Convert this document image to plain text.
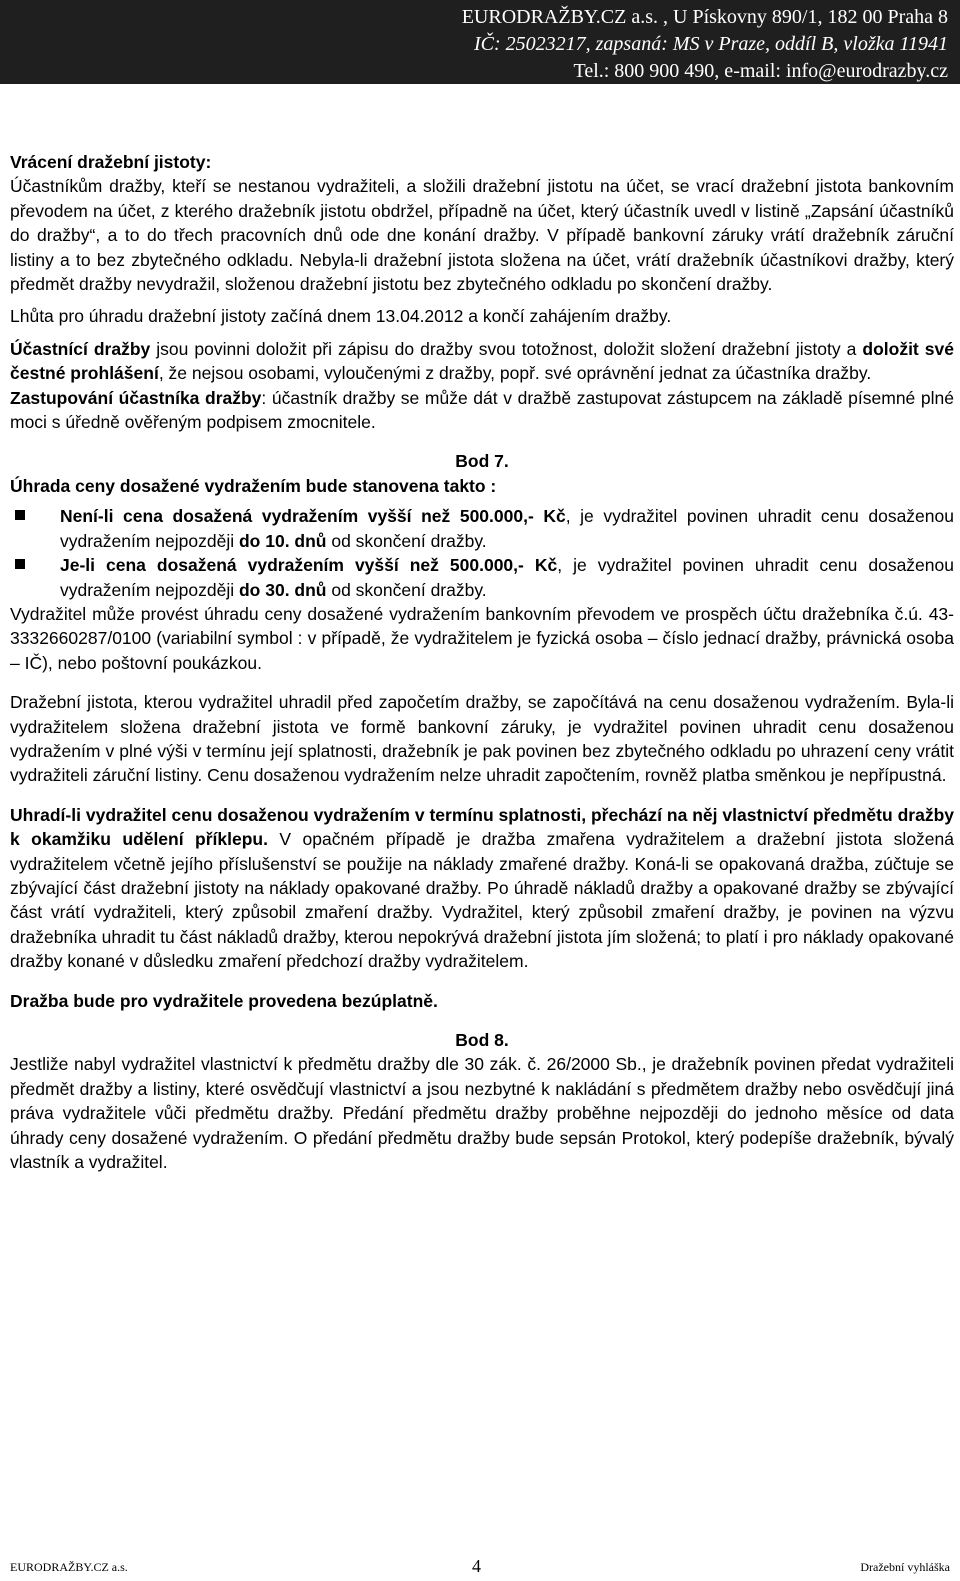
EURODRAŽBY.CZ a.s. , U Pískovny 890/1, 182 00 Praha 8
IČ: 25023217, zapsaná: MS v Praze, oddíl B, vložka 11941
Tel.: 800 900 490, e-mail: info@eurodrazby.cz

Vrácení dražební jistoty:

Účastníkům dražby, kteří se nestanou vydražiteli, a složili dražební jistotu na účet, se vrací dražební jistota bankovním převodem na účet, z kterého dražebník jistotu obdržel, případně na účet, který účastník uvedl v listině „Zapsání účastníků do dražby“, a to do třech pracovních dnů ode dne konání dražby. V případě bankovní záruky vrátí dražebník záruční listiny a to bez zbytečného odkladu. Nebyla-li dražební jistota složena na účet, vrátí dražebník účastníkovi dražby, který předmět dražby nevydražil, složenou dražební jistotu bez zbytečného odkladu po skončení dražby.

Lhůta pro úhradu dražební jistoty začíná dnem 13.04.2012 a končí zahájením dražby.

Účastnící dražby jsou povinni doložit při zápisu do dražby svou totožnost, doložit složení dražební jistoty a doložit své čestné prohlášení, že nejsou osobami, vyloučenými z dražby, popř. své oprávnění jednat za účastníka dražby.

Zastupování účastníka dražby: účastník dražby se může dát v dražbě zastupovat zástupcem na základě písemné plné moci s úředně ověřeným podpisem zmocnitele.

Bod 7.

Úhrada ceny dosažené vydražením bude stanovena takto :

Není-li cena dosažená vydražením vyšší než 500.000,- Kč, je vydražitel povinen uhradit cenu dosaženou vydražením nejpozději do 10. dnů od skončení dražby.
Je-li cena dosažená vydražením vyšší než 500.000,- Kč, je vydražitel povinen uhradit cenu dosaženou vydražením nejpozději do 30. dnů od skončení dražby.

Vydražitel může provést úhradu ceny dosažené vydražením bankovním převodem ve prospěch účtu dražebníka č.ú. 43-3332660287/0100 (variabilní symbol : v případě, že vydražitelem je fyzická osoba – číslo jednací dražby, právnická osoba – IČ), nebo poštovní poukázkou.

Dražební jistota, kterou vydražitel uhradil před započetím dražby, se započítává na cenu dosaženou vydražením. Byla-li vydražitelem složena dražební jistota ve formě bankovní záruky, je vydražitel povinen uhradit cenu dosaženou vydražením v plné výši v termínu její splatnosti, dražebník je pak povinen bez zbytečného odkladu po uhrazení ceny vrátit vydražiteli záruční listiny. Cenu dosaženou vydražením nelze uhradit započtením, rovněž platba směnkou je nepřípustná.

Uhradí-li vydražitel cenu dosaženou vydražením v termínu splatnosti, přechází na něj vlastnictví předmětu dražby k okamžiku udělení příklepu. V opačném případě je dražba zmařena vydražitelem a dražební jistota složená vydražitelem včetně jejího příslušenství se použije na náklady zmařené dražby. Koná-li se opakovaná dražba, zúčtuje se zbývající část dražební jistoty na náklady opakované dražby. Po úhradě nákladů dražby a opakované dražby se zbývající část vrátí vydražiteli, který způsobil zmaření dražby. Vydražitel, který způsobil zmaření dražby, je povinen na výzvu dražebníka uhradit tu část nákladů dražby, kterou nepokrývá dražební jistota jím složená; to platí i pro náklady opakované dražby konané v důsledku zmaření předchozí dražby vydražitelem.

Dražba bude pro vydražitele provedena bezúplatně.

Bod 8.

Jestliže nabyl vydražitel vlastnictví k předmětu dražby dle 30 zák. č. 26/2000 Sb., je dražebník povinen předat vydražiteli předmět dražby a listiny, které osvědčují vlastnictví a jsou nezbytné k nakládání s předmětem dražby nebo osvědčují jiná práva vydražitele vůči předmětu dražby. Předání předmětu dražby proběhne nejpozději do jednoho měsíce od data úhrady ceny dosažené vydražením. O předání předmětu dražby bude sepsán Protokol, který podepíše dražebník, bývalý vlastník a vydražitel.

EURODRAŽBY.CZ a.s.	4	Dražební vyhláška
